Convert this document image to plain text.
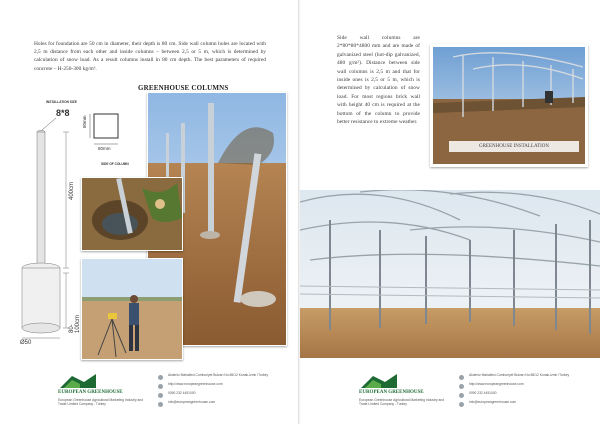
Holes for foundation are 50 cm in diameter, their depth is 80 cm. Side wall column holes are located with 2,5 m distance from each other and inside columns – between 2,5 or 5 m, which is determined by calculation of snow load. As a result columns install in 80 cm depth. The best parameters of required concrete – H-250-300 kg/m³.

GREENHOUSE COLUMNS
INSTALLATION SIZE
SIDE OF COLUMN
8*8
400cm
80-100cm
Ø50
80mm
80mm
EUROPEAN GREENHOUSE
European Greenhouse Agricultural Marketing Industry and Trade Limited Company - Turkey
Akdeniz Mahallesi Cumhuriyet Bulvarı No:65/12 Konak-İzmir /Turkey
http://www.europeangreenhouse.com
0090 232 4451000
info@europeangreenhouse.com

Side wall columns are 2*80*80*4800 mm and are made of galvanized steel (hot-dip galvanized, 480 g/m²). Distance between side wall columns is 2,5 m and that for inside ones is 2,5 or 5 m, which is determined by calculation of snow load. For most regions brick wall with height 40 cm is required at the bottom of the column to provide better resistance to extreme weather.

GREENHOUSE INSTALLATION
EUROPEAN GREENHOUSE
European Greenhouse Agricultural Marketing Industry and Trade Limited Company - Turkey
Akdeniz Mahallesi Cumhuriyet Bulvarı No:65/12 Konak-İzmir /Turkey
http://www.europeangreenhouse.com
0090 232 4451000
info@europeangreenhouse.com
